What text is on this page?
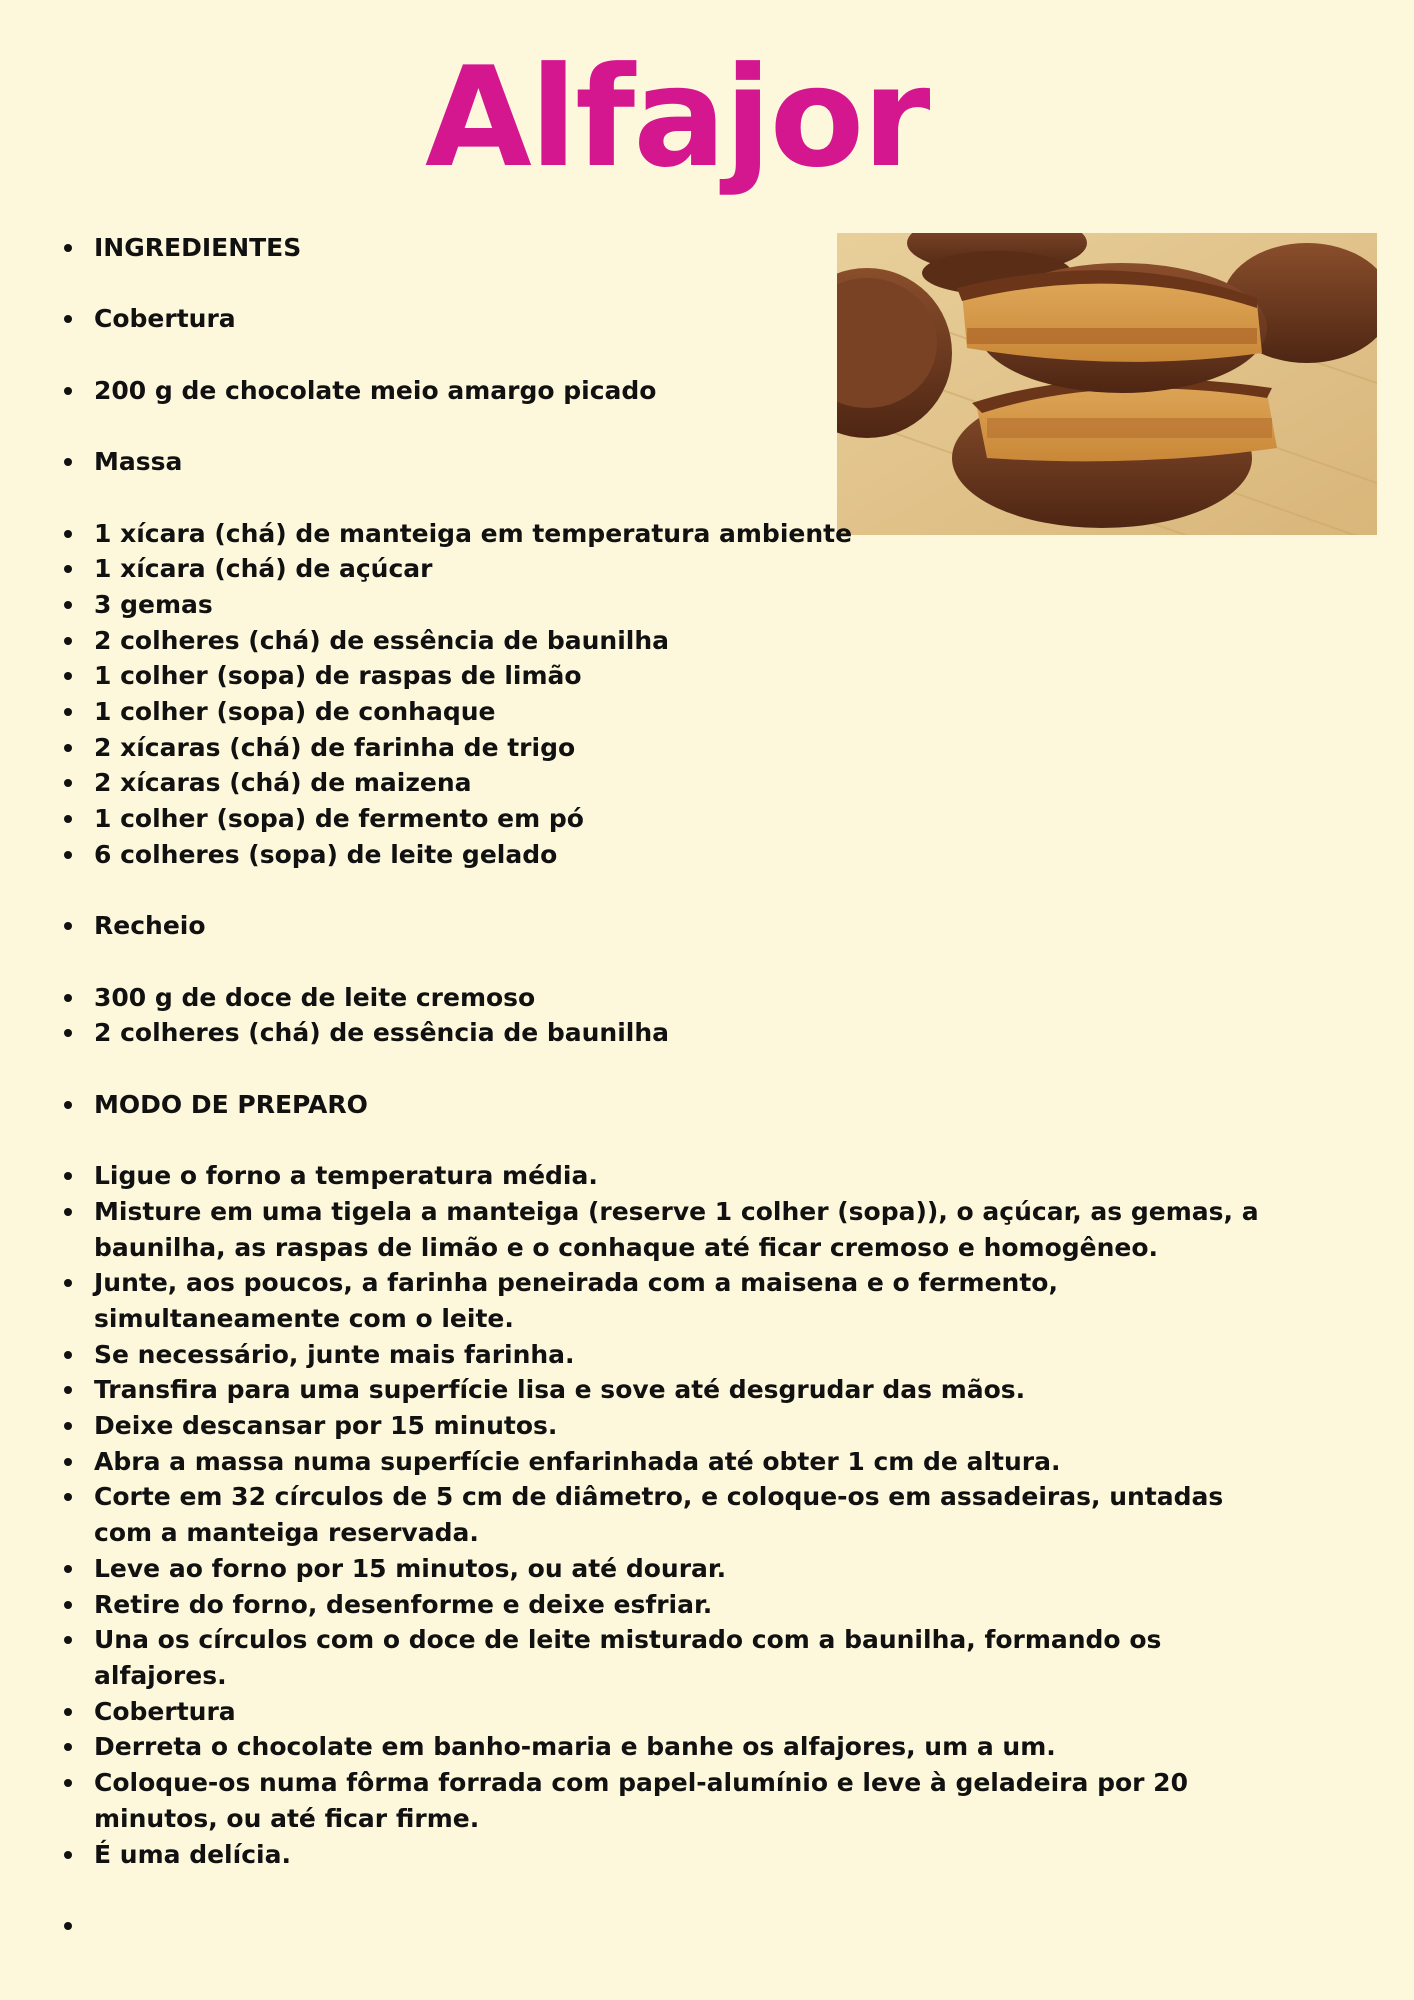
Alfajor
INGREDIENTES
Cobertura
200 g de chocolate meio amargo picado
Massa
1 xícara (chá) de manteiga em temperatura ambiente
1 xícara (chá) de açúcar
3 gemas
2 colheres (chá) de essência de baunilha
1 colher (sopa) de raspas de limão
1 colher (sopa) de conhaque
2 xícaras (chá) de farinha de trigo
2 xícaras (chá) de maizena
1 colher (sopa) de fermento em pó
6 colheres (sopa) de leite gelado
Recheio
300 g de doce de leite cremoso
2 colheres (chá) de essência de baunilha
MODO DE PREPARO
Ligue o forno a temperatura média.
Misture em uma tigela a manteiga (reserve 1 colher (sopa)), o açúcar, as gemas, a baunilha, as raspas de limão e o conhaque até ficar cremoso e homogêneo.
Junte, aos poucos, a farinha peneirada com a maisena e o fermento, simultaneamente com o leite.
Se necessário, junte mais farinha.
Transfira para uma superfície lisa e sove até desgrudar das mãos.
Deixe descansar por 15 minutos.
Abra a massa numa superfície enfarinhada até obter 1 cm de altura.
Corte em 32 círculos de 5 cm de diâmetro, e coloque-os em assadeiras, untadas com a manteiga reservada.
Leve ao forno por 15 minutos, ou até dourar.
Retire do forno, desenforme e deixe esfriar.
Una os círculos com o doce de leite misturado com a baunilha, formando os alfajores.
Cobertura
Derreta o chocolate em banho-maria e banhe os alfajores, um a um.
Coloque-os numa fôrma forrada com papel-alumínio e leve à geladeira por 20 minutos, ou até ficar firme.
É uma delícia.
